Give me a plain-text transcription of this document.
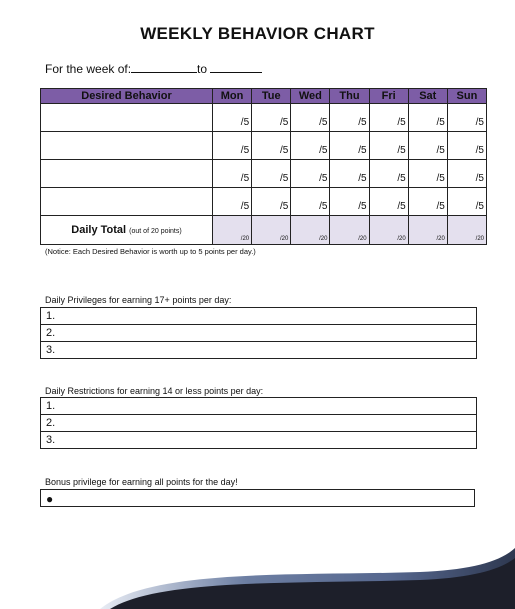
WEEKLY BEHAVIOR CHART
For the week of:	to
Desired Behavior	Mon	Tue	Wed	Thu	Fri	Sat	Sun
	/5	/5	/5	/5	/5	/5	/5
	/5	/5	/5	/5	/5	/5	/5
	/5	/5	/5	/5	/5	/5	/5
	/5	/5	/5	/5	/5	/5	/5
Daily Total (out of 20 points)	/20	/20	/20	/20	/20	/20	/20
(Notice: Each Desired Behavior is worth up to 5 points per day.)
Daily Privileges for earning 17+ points per day:
1.
2.
3.
Daily Restrictions for earning 14 or less points per day:
1.
2.
3.
Bonus privilege for earning all points for the day!
●
